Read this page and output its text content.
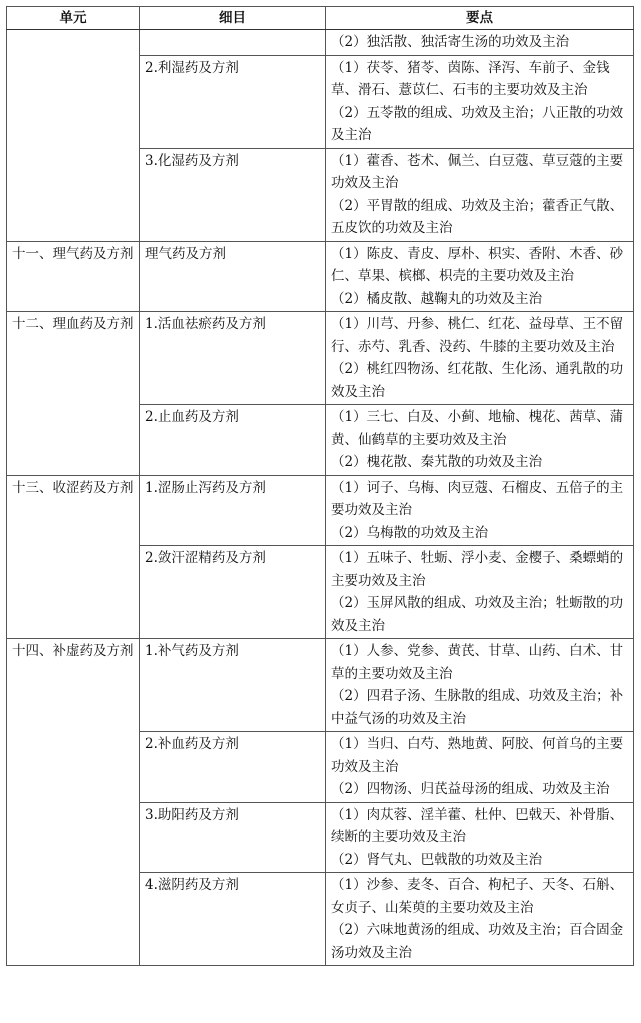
单元	细目	要点

		（2）独活散、独活寄生汤的功效及主治

	2.利湿药及方剂	（1）茯苓、猪苓、茵陈、泽泻、车前子、金钱草、滑石、薏苡仁、石韦的主要功效及主治
（2）五苓散的组成、功效及主治；八正散的功效及主治

	3.化湿药及方剂	（1）藿香、苍术、佩兰、白豆蔻、草豆蔻的主要功效及主治
（2）平胃散的组成、功效及主治；藿香正气散、五皮饮的功效及主治

十一、理气药及方剂	理气药及方剂	（1）陈皮、青皮、厚朴、枳实、香附、木香、砂仁、草果、槟榔、枳壳的主要功效及主治
（2）橘皮散、越鞠丸的功效及主治

十二、理血药及方剂	1.活血祛瘀药及方剂	（1）川芎、丹参、桃仁、红花、益母草、王不留行、赤芍、乳香、没药、牛膝的主要功效及主治
（2）桃红四物汤、红花散、生化汤、通乳散的功效及主治

	2.止血药及方剂	（1）三七、白及、小蓟、地榆、槐花、茜草、蒲黄、仙鹤草的主要功效及主治
（2）槐花散、秦艽散的功效及主治

十三、收涩药及方剂	1.涩肠止泻药及方剂	（1）诃子、乌梅、肉豆蔻、石榴皮、五倍子的主要功效及主治
（2）乌梅散的功效及主治

	2.敛汗涩精药及方剂	（1）五味子、牡蛎、浮小麦、金樱子、桑螵蛸的主要功效及主治
（2）玉屏风散的组成、功效及主治；牡蛎散的功效及主治

十四、补虚药及方剂	1.补气药及方剂	（1）人参、党参、黄芪、甘草、山药、白术、甘草的主要功效及主治
（2）四君子汤、生脉散的组成、功效及主治；补中益气汤的功效及主治

	2.补血药及方剂	（1）当归、白芍、熟地黄、阿胶、何首乌的主要功效及主治
（2）四物汤、归芪益母汤的组成、功效及主治

	3.助阳药及方剂	（1）肉苁蓉、淫羊藿、杜仲、巴戟天、补骨脂、续断的主要功效及主治
（2）肾气丸、巴戟散的功效及主治

	4.滋阴药及方剂	（1）沙参、麦冬、百合、枸杞子、天冬、石斛、女贞子、山茱萸的主要功效及主治
（2）六味地黄汤的组成、功效及主治；百合固金汤功效及主治
